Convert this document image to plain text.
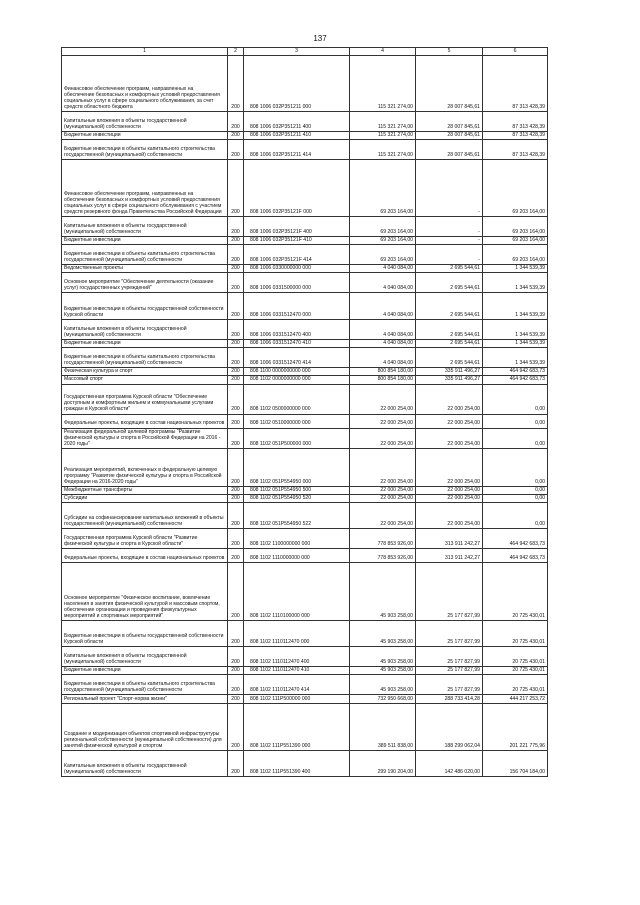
137
1	2	3	4	5	6
Финансовое обеспечение программ, направленных на обеспечение безопасных и комфортных условий предоставления социальных услуг в сфере социального обслуживания, за счет средств областного бюджета	200	808 1006 032P351211 000	115 321 274,00	28 007 845,61	87 313 428,39
Капитальные вложения в объекты государственной (муниципальной) собственности	200	808 1006 032P351211 400	115 321 274,00	28 007 845,61	87 313 428,39
Бюджетные инвестиции	200	808 1006 032P351211 410	115 321 274,00	28 007 845,61	87 313 428,39
Бюджетные инвестиции в объекты капитального строительства государственной (муниципальной) собственности	200	808 1006 032P351211 414	115 321 274,00	28 007 845,61	87 313 428,39
Финансовое обеспечение программ, направленных на обеспечение безопасных и комфортных условий предоставления социальных услуг в сфере социального обслуживания с участием средств резервного фонда Правительства Российской Федерации	200	808 1006 032P35121F 000	69 203 164,00	-	69 203 164,00
Капитальные вложения в объекты государственной (муниципальной) собственности	200	808 1006 032P35121F 400	69 203 164,00	-	69 203 164,00
Бюджетные инвестиции	200	808 1006 032P35121F 410	69 203 164,00	-	69 203 164,00
Бюджетные инвестиции в объекты капитального строительства государственной (муниципальной) собственности	200	808 1006 032P35121F 414	69 203 164,00	-	69 203 164,00
Ведомственные проекты	200	808 1006 0330000000 000	4 040 084,00	2 695 544,61	1 344 539,39
Основное мероприятие "Обеспечение деятельности (оказание услуг) государственных учреждений"	200	808 1006 0331500000 000	4 040 084,00	2 695 544,61	1 344 539,39
Бюджетные инвестиции в объекты государственной собственности Курской области	200	808 1006 0331512470 000	4 040 084,00	2 695 544,61	1 344 539,39
Капитальные вложения в объекты государственной (муниципальной) собственности	200	808 1006 0331512470 400	4 040 084,00	2 695 544,61	1 344 539,39
Бюджетные инвестиции	200	808 1006 0331512470 410	4 040 084,00	2 695 544,61	1 344 539,39
Бюджетные инвестиции в объекты капитального строительства государственной (муниципальной) собственности	200	808 1006 0331512470 414	4 040 084,00	2 695 544,61	1 344 539,39
Физическая культура и спорт	200	808 1100 0000000000 000	800 854 180,00	335 911 496,27	464 942 683,73
Массовый спорт	200	808 1102 0000000000 000	800 854 180,00	335 911 496,27	464 942 683,73
Государственная программа Курской области "Обеспечение доступным и комфортным жильем и коммунальными услугами граждан в Курской области"	200	808 1102 0500000000 000	22 000 254,00	22 000 254,00	0,00
Федеральные проекты, входящие в состав национальных проектов	200	808 1102 0510000000 000	22 000 254,00	22 000 254,00	0,00
Реализация федеральной целевой программы "Развитие физической культуры и спорта в Российской Федерации на 2016 - 2020 годы"	200	808 1102 051P500000 000	22 000 254,00	22 000 254,00	0,00
Реализация мероприятий, включенных в федеральную целевую программу "Развитие физической культуры и спорта в Российской Федерации на 2016-2020 годы"	200	808 1102 051P554950 000	22 000 254,00	22 000 254,00	0,00
Межбюджетные трансферты	200	808 1102 051P554950 500	22 000 254,00	22 000 254,00	0,00
Субсидии	200	808 1102 051P554950 520	22 000 254,00	22 000 254,00	0,00
Субсидии на софинансирование капитальных вложений в объекты государственной (муниципальной) собственности	200	808 1102 051P554950 522	22 000 254,00	22 000 254,00	0,00
Государственная программа Курской области "Развитие физической культуры и спорта в Курской области"	200	808 1102 1100000000 000	778 853 926,00	313 911 242,27	464 942 683,73
Федеральные проекты, входящие в состав национальных проектов	200	808 1102 1110000000 000	778 853 926,00	313 911 242,27	464 942 683,73
Основное мероприятие "Физическое воспитание, вовлечение населения в занятия физической культурой и массовым спортом, обеспечение организации и проведения физкультурных мероприятий и спортивных мероприятий"	200	808 1102 1110100000 000	45 903 258,00	25 177 827,99	20 725 430,01
Бюджетные инвестиции в объекты государственной собственности Курской области	200	808 1102 1110112470 000	45 903 258,00	25 177 827,99	20 725 430,01
Капитальные вложения в объекты государственной (муниципальной) собственности	200	808 1102 1110112470 400	45 903 258,00	25 177 827,99	20 725 430,01
Бюджетные инвестиции	200	808 1102 1110112470 410	45 903 258,00	25 177 827,99	20 725 430,01
Бюджетные инвестиции в объекты капитального строительства государственной (муниципальной) собственности	200	808 1102 1110112470 414	45 903 258,00	25 177 827,99	20 725 430,01
Региональный проект "Спорт-норма жизни"	200	808 1102 111P500000 000	732 950 668,00	288 733 414,28	444 217 253,72
Создание и модернизация объектов спортивной инфраструктуры региональной собственности (муниципальной собственности) для занятий физической культурой и спортом	200	808 1102 111P551390 000	389 511 838,00	188 299 062,04	201 221 775,96
Капитальные вложения в объекты государственной (муниципальной) собственности	200	808 1102 111P551390 400	299 190 204,00	142 486 020,00	156 704 184,00
